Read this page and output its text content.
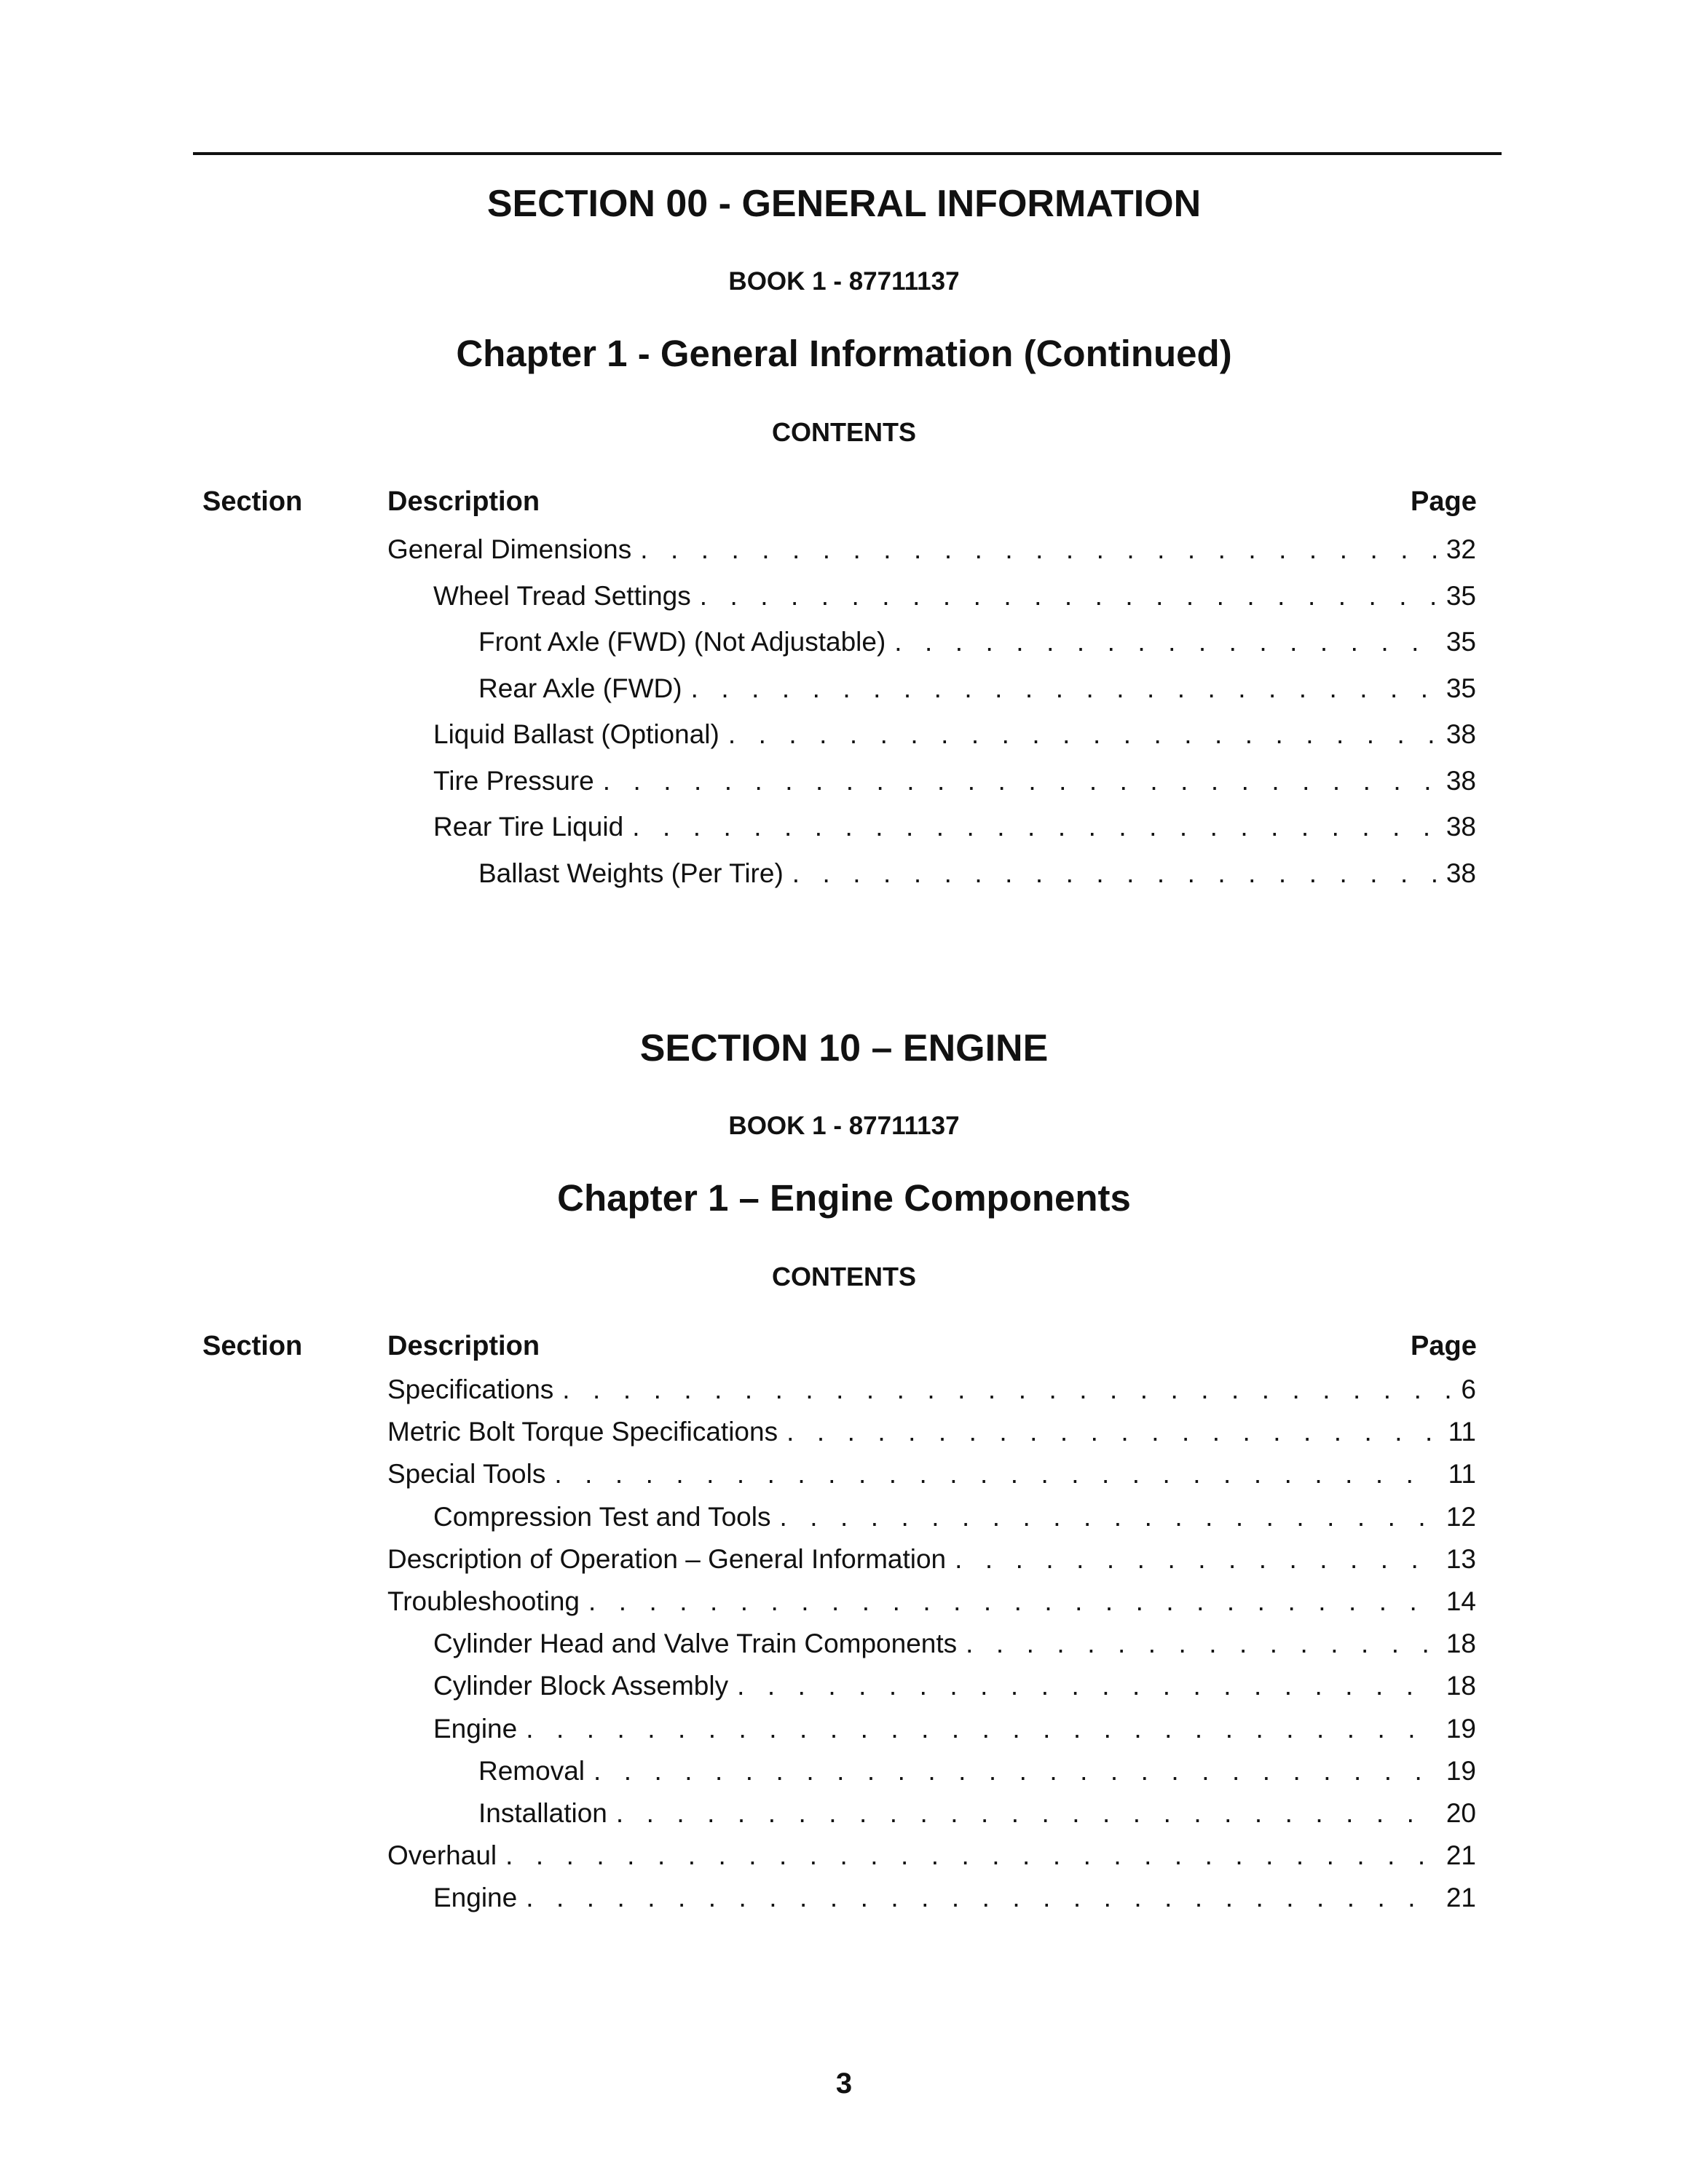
SECTION 00 - GENERAL INFORMATION
BOOK 1 - 87711137
Chapter 1 - General Information (Continued)
CONTENTS
Section	Description	Page
General Dimensions . . .	32
Wheel Tread Settings . . .	35
Front Axle (FWD) (Not Adjustable) . . .	35
Rear Axle (FWD) . . .	35
Liquid Ballast (Optional) . . .	38
Tire Pressure . . .	38
Rear Tire Liquid . . .	38
Ballast Weights (Per Tire) . . .	38
SECTION 10 – ENGINE
BOOK 1 - 87711137
Chapter 1 – Engine Components
CONTENTS
Section	Description	Page
Specifications . . .	6
Metric Bolt Torque Specifications . . .	11
Special Tools . . .	11
Compression Test and Tools . . .	12
Description of Operation – General Information . . .	13
Troubleshooting . . .	14
Cylinder Head and Valve Train Components . . .	18
Cylinder Block Assembly . . .	18
Engine . . .	19
Removal . . .	19
Installation . . .	20
Overhaul . . .	21
Engine . . .	21
3
